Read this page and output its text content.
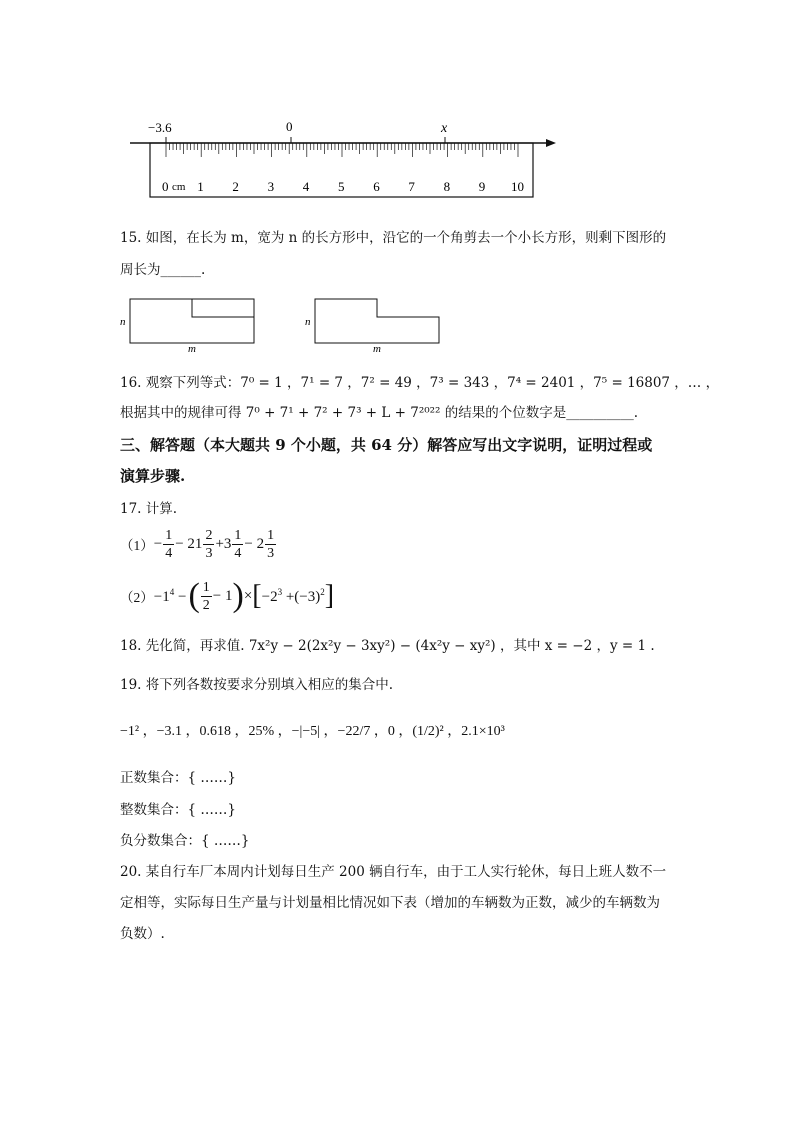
−3.6	0	x
0 1 2 3 4 5 6 7 8 9 10
cm
15. 如图，在长为 m，宽为 n 的长方形中，沿它的一个角剪去一个小长方形，则剩下图形的
周长为______.
n
m
n
m
16. 观察下列等式：7⁰ = 1 ，7¹ = 7 ，7² = 49 ，7³ = 343 ，7⁴ = 2401 ，7⁵ = 16807 ，… ，
根据其中的规律可得 7⁰ + 7¹ + 7² + 7³ + L + 7²⁰²² 的结果的个位数字是__________.
三、解答题（本大题共 9 个小题，共 64 分）解答应写出文字说明，证明过程或
演算步骤.
17. 计算.
$(1) - \frac{1}{4} - 21 \frac{2}{3} +3 \frac{1}{4} - 2 \frac{1}{3}$
$(2) -1^4$ − ( $\frac{1}{2} - 1$ ) × [ $-2^3 +(-3)^2$ ]
18. 先化简，再求值. 7x²y − 2(2x²y − 3xy²) − (4x²y − xy²) ，其中 x = −2 ，y = 1 .
19. 将下列各数按要求分别填入相应的集合中.
−1² ，−3.1 ，0.618 ，25% ，−|−5| ，−22/7 ，0 ，(1/2)² ，2.1×10³
正数集合：{ ……}
整数集合：{ ……}
负分数集合：{ ……}
20. 某自行车厂本周内计划每日生产 200 辆自行车，由于工人实行轮休，每日上班人数不一
定相等，实际每日生产量与计划量相比情况如下表（增加的车辆数为正数，减少的车辆数为
负数）.
